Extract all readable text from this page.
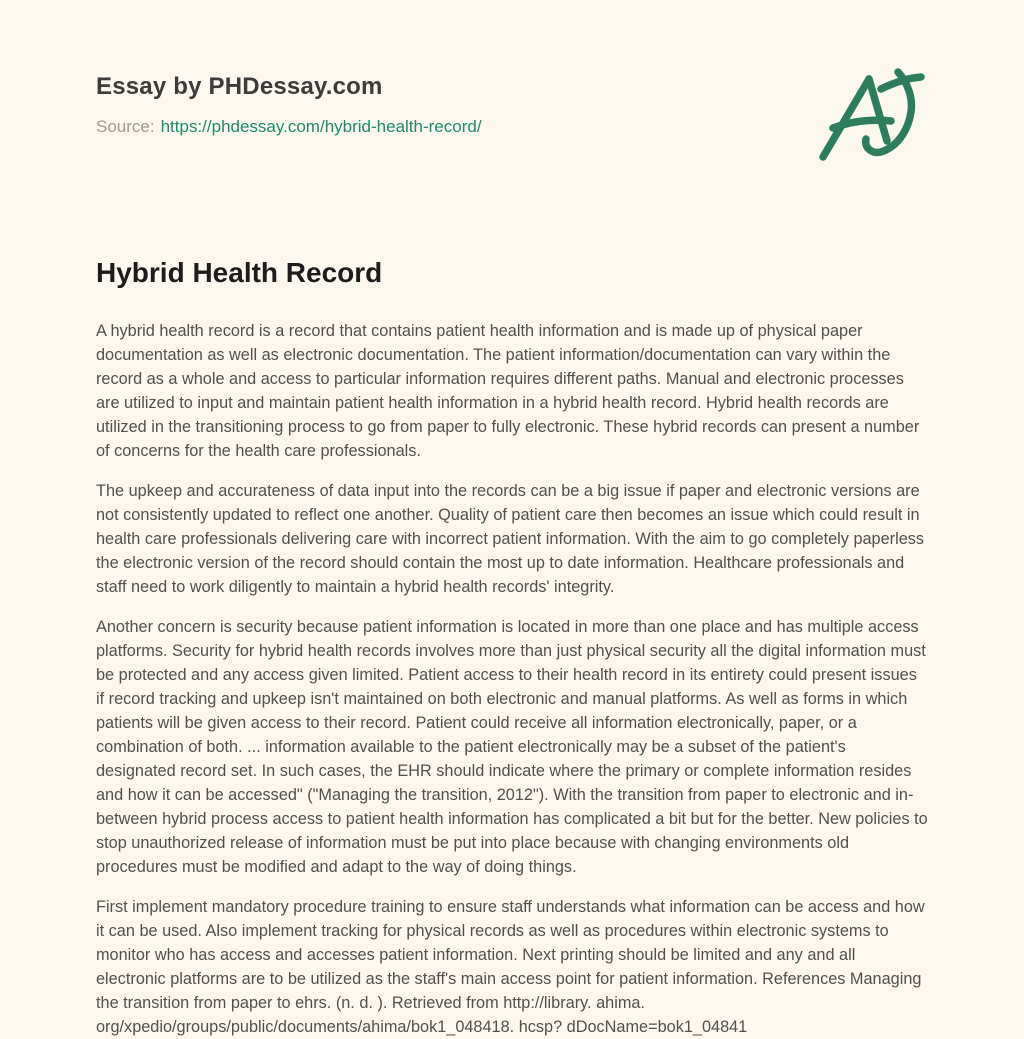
Essay by PHDessay.com
Source: https://phdessay.com/hybrid-health-record/
Hybrid Health Record

A hybrid health record is a record that contains patient health information and is made up of physical paper documentation as well as electronic documentation. The patient information/documentation can vary within the record as a whole and access to particular information requires different paths. Manual and electronic processes are utilized to input and maintain patient health information in a hybrid health record. Hybrid health records are utilized in the transitioning process to go from paper to fully electronic. These hybrid records can present a number of concerns for the health care professionals.

The upkeep and accurateness of data input into the records can be a big issue if paper and electronic versions are not consistently updated to reflect one another. Quality of patient care then becomes an issue which could result in health care professionals delivering care with incorrect patient information. With the aim to go completely paperless the electronic version of the record should contain the most up to date information. Healthcare professionals and staff need to work diligently to maintain a hybrid health records' integrity.

Another concern is security because patient information is located in more than one place and has multiple access platforms. Security for hybrid health records involves more than just physical security all the digital information must be protected and any access given limited. Patient access to their health record in its entirety could present issues if record tracking and upkeep isn't maintained on both electronic and manual platforms. As well as forms in which patients will be given access to their record. Patient could receive all information electronically, paper, or a combination of both. ... information available to the patient electronically may be a subset of the patient's designated record set. In such cases, the EHR should indicate where the primary or complete information resides and how it can be accessed" ("Managing the transition, 2012"). With the transition from paper to electronic and in-between hybrid process access to patient health information has complicated a bit but for the better. New policies to stop unauthorized release of information must be put into place because with changing environments old procedures must be modified and adapt to the way of doing things.

First implement mandatory procedure training to ensure staff understands what information can be access and how it can be used. Also implement tracking for physical records as well as procedures within electronic systems to monitor who has access and accesses patient information. Next printing should be limited and any and all electronic platforms are to be utilized as the staff's main access point for patient information. References Managing the transition from paper to ehrs. (n. d. ). Retrieved from http://library. ahima. org/xpedio/groups/public/documents/ahima/bok1_048418. hcsp? dDocName=bok1_04841
